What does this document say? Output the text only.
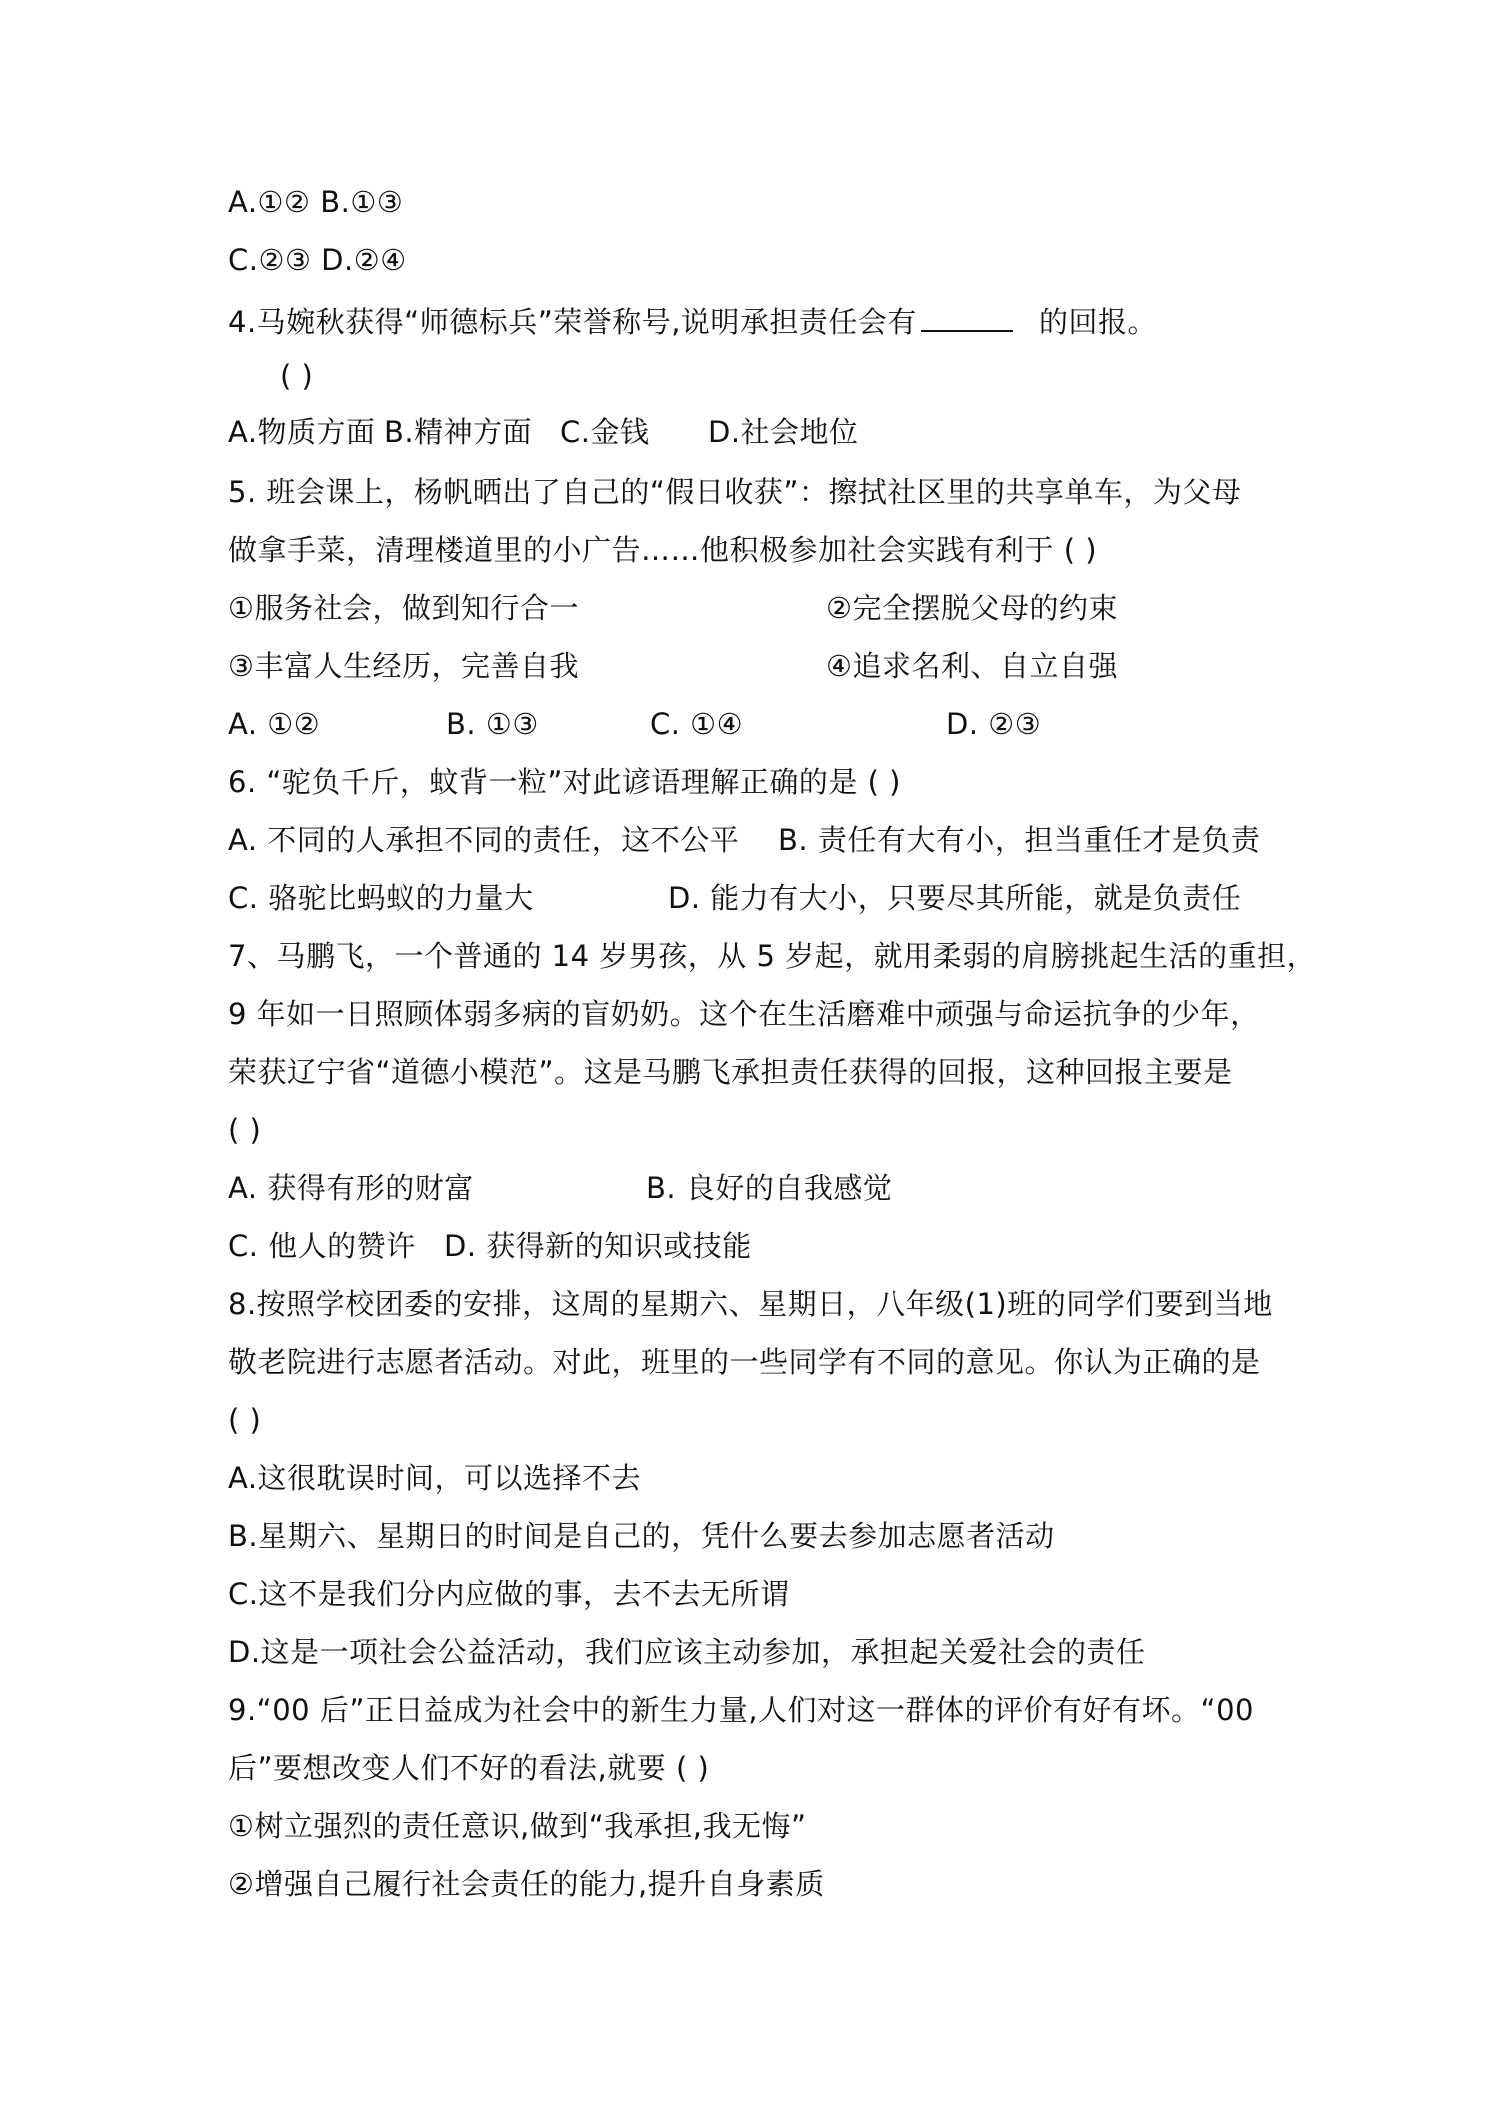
A.①② B.①③
C.②③ D.②④
4.马婉秋获得“师德标兵”荣誉称号,说明承担责任会有	的回报。
( )
A.物质方面 B.精神方面 C.金钱 D.社会地位
5. 班会课上，杨帆晒出了自己的“假日收获”：擦拭社区里的共享单车，为父母
做拿手菜，清理楼道里的小广告……他积极参加社会实践有利于 ( )
①服务社会，做到知行合一	②完全摆脱父母的约束
③丰富人生经历，完善自我	④追求名利、自立自强
A. ①②	B. ①③	C. ①④	D. ②③
6. “驼负千斤，蚊背一粒”对此谚语理解正确的是 ( )
A. 不同的人承担不同的责任，这不公平 B. 责任有大有小，担当重任才是负责
C. 骆驼比蚂蚁的力量大	D. 能力有大小，只要尽其所能，就是负责任
7、马鹏飞，一个普通的 14 岁男孩，从 5 岁起，就用柔弱的肩膀挑起生活的重担，
9 年如一日照顾体弱多病的盲奶奶。这个在生活磨难中顽强与命运抗争的少年，
荣获辽宁省“道德小模范”。这是马鹏飞承担责任获得的回报，这种回报主要是
( )
A. 获得有形的财富	B. 良好的自我感觉
C. 他人的赞许 D. 获得新的知识或技能
8.按照学校团委的安排，这周的星期六、星期日，八年级(1)班的同学们要到当地
敬老院进行志愿者活动。对此，班里的一些同学有不同的意见。你认为正确的是
( )
A.这很耽误时间，可以选择不去
B.星期六、星期日的时间是自己的，凭什么要去参加志愿者活动
C.这不是我们分内应做的事，去不去无所谓
D.这是一项社会公益活动，我们应该主动参加，承担起关爱社会的责任
9.“00 后”正日益成为社会中的新生力量,人们对这一群体的评价有好有坏。“00
后”要想改变人们不好的看法,就要 ( )
①树立强烈的责任意识,做到“我承担,我无悔”
②增强自己履行社会责任的能力,提升自身素质
